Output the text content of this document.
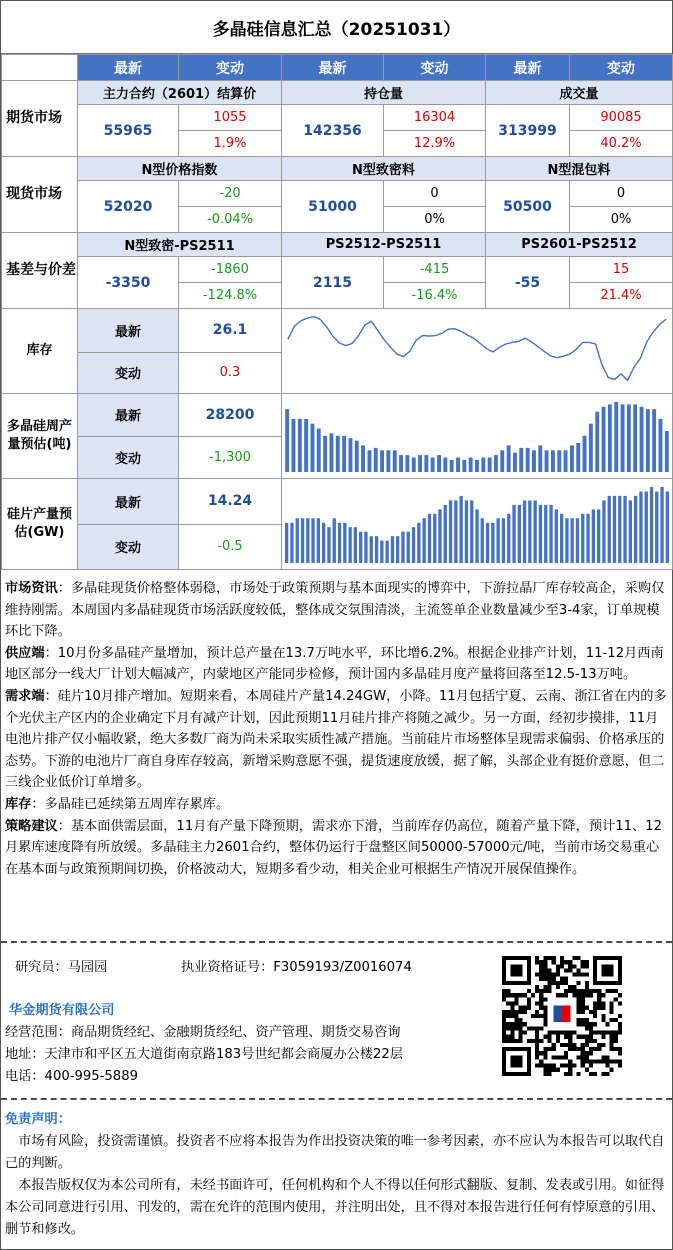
多晶硅信息汇总（20251031）
	最新	变动	最新	变动	最新	变动
期货市场	主力合约（2601）结算价		持仓量		成交量	
	55965	1055	142356	16304	313999	90085
		1.9%		12.9%		40.2%
现货市场	N型价格指数		N型致密料		N型混包料	
	52020	-20	51000	0	50500	0
		-0.04%		0%		0%
基差与价差	N型致密-PS2511		PS2512-PS2511		PS2601-PS2512	
	-3350	-1860	2115	-415	-55	15
		-124.8%		-16.4%		21.4%
库存	最新	26.1	
	变动	0.3				
多晶硅周产量预估(吨)	最新	28200	
	变动	-1,300				
硅片产量预估(GW)	最新	14.24	
	变动	-0.5				

市场资讯：多晶硅现货价格整体弱稳，市场处于政策预期与基本面现实的博弈中，下游拉晶厂库存较高企，采购仅维持刚需。本周国内多晶硅现货市场活跃度较低，整体成交氛围清淡，主流签单企业数量减少至3-4家，订单规模环比下降。

供应端：10月份多晶硅产量增加，预计总产量在13.7万吨水平，环比增6.2%。根据企业排产计划，11-12月西南地区部分一线大厂计划大幅减产，内蒙地区产能同步检修，预计国内多晶硅月度产量将回落至12.5-13万吨。

需求端：硅片10月排产增加。短期来看，本周硅片产量14.24GW，小降。11月包括宁夏、云南、浙江省在内的多个光伏主产区内的企业确定下月有减产计划，因此预期11月硅片排产将随之减少。另一方面，经初步摸排，11月电池片排产仅小幅收紧，绝大多数厂商为尚未采取实质性减产措施。当前硅片市场整体呈现需求偏弱、价格承压的态势。下游的电池片厂商自身库存较高，新增采购意愿不强，提货速度放缓，据了解，头部企业有挺价意愿，但二三线企业低价订单增多。

库存：多晶硅已延续第五周库存累库。

策略建议：基本面供需层面，11月有产量下降预期，需求亦下滑，当前库存仍高位，随着产量下降，预计11、12月累库速度降有所放缓。多晶硅主力2601合约，整体仍运行于盘整区间50000-57000元/吨，当前市场交易重心在基本面与政策预期间切换，价格波动大，短期多看少动，相关企业可根据生产情况开展保值操作。

研究员：马园园	执业资格证号：F3059193/Z0016074
华金期货有限公司
经营范围：商品期货经纪、金融期货经纪、资产管理、期货交易咨询
地址：天津市和平区五大道街南京路183号世纪都会商厦办公楼22层
电话：400-995-5889
免责声明：

市场有风险，投资需谨慎。投资者不应将本报告为作出投资决策的唯一参考因素，亦不应认为本报告可以取代自己的判断。

本报告版权仅为本公司所有，未经书面许可，任何机构和个人不得以任何形式翻版、复制、发表或引用。如征得本公司同意进行引用、刊发的，需在允许的范围内使用，并注明出处，且不得对本报告进行任何有悖原意的引用、删节和修改。
